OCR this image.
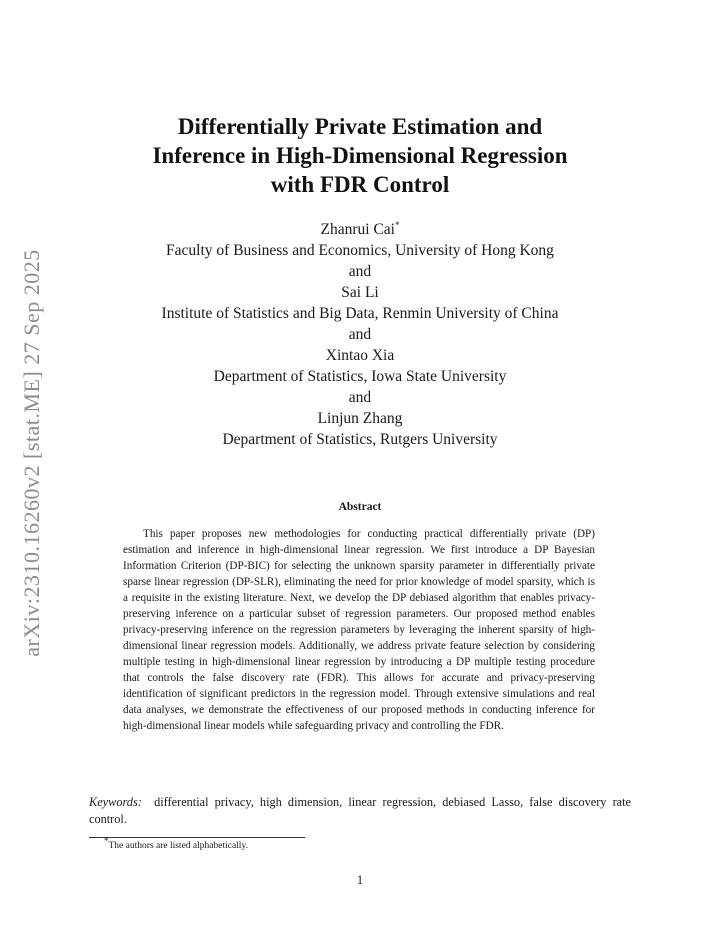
arXiv:2310.16260v2 [stat.ME] 27 Sep 2025
Differentially Private Estimation and
Inference in High-Dimensional Regression
with FDR Control
Zhanrui Cai*
Faculty of Business and Economics, University of Hong Kong
and
Sai Li
Institute of Statistics and Big Data, Renmin University of China
and
Xintao Xia
Department of Statistics, Iowa State University
and
Linjun Zhang
Department of Statistics, Rutgers University
Abstract

This paper proposes new methodologies for conducting practical differentially private (DP) estimation and inference in high-dimensional linear regression. We first introduce a DP Bayesian Information Criterion (DP-BIC) for selecting the unknown sparsity parameter in differentially private sparse linear regression (DP-SLR), eliminating the need for prior knowledge of model sparsity, which is a requisite in the existing literature. Next, we develop the DP debiased algorithm that enables privacy-preserving inference on a particular subset of regression parameters. Our proposed method enables privacy-preserving inference on the regression parameters by leveraging the inherent sparsity of high-dimensional linear regression models. Additionally, we address private feature selection by considering multiple testing in high-dimensional linear regression by introducing a DP multiple testing procedure that controls the false discovery rate (FDR). This allows for accurate and privacy-preserving identification of significant predictors in the regression model. Through extensive simulations and real data analyses, we demonstrate the effectiveness of our proposed methods in conducting inference for high-dimensional linear models while safeguarding privacy and controlling the FDR.

Keywords: differential privacy, high dimension, linear regression, debiased Lasso, false discovery rate control.

*The authors are listed alphabetically.
1
